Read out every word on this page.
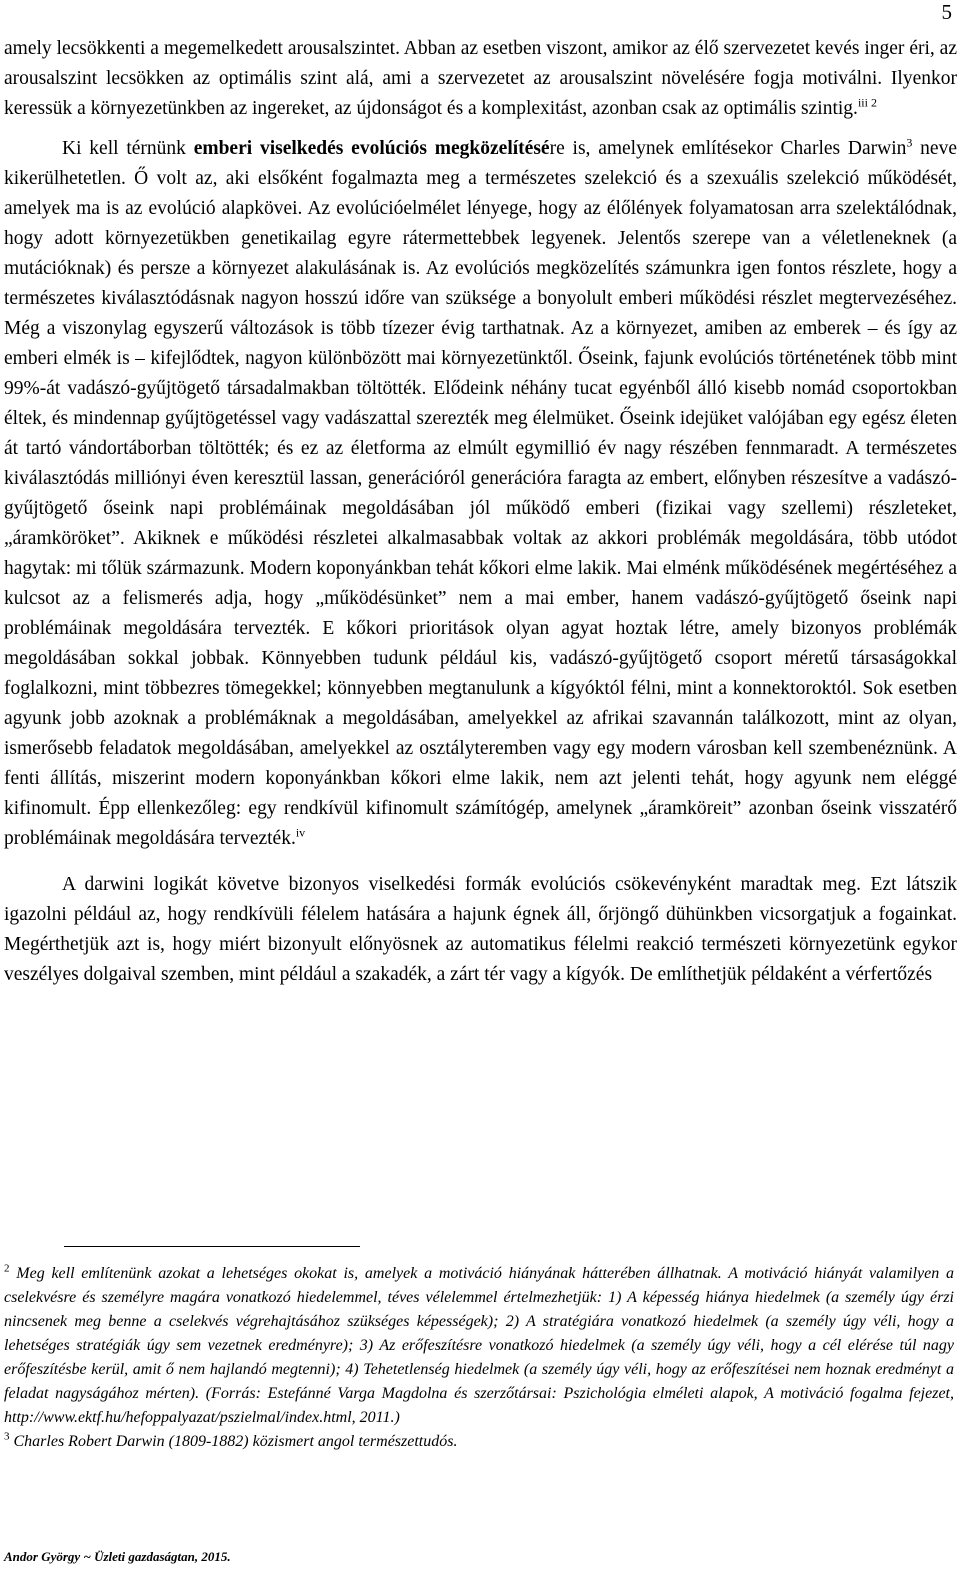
5

amely lecsökkenti a megemelkedett arousalszintet. Abban az esetben viszont, amikor az élő szervezetet kevés inger éri, az arousalszint lecsökken az optimális szint alá, ami a szervezetet az arousalszint növelésére fogja motiválni. Ilyenkor keressük a környezetünkben az ingereket, az újdonságot és a komplexitást, azonban csak az optimális szintig.$^{iii 2}$

Ki kell térnünk emberi viselkedés evolúciós megközelítésére is, amelynek említésekor Charles Darwin$^3$ neve kikerülhetetlen. Ő volt az, aki elsőként fogalmazta meg a természetes szelekció és a szexuális szelekció működését, amelyek ma is az evolúció alapkövei. Az evolúcióelmélet lényege, hogy az élőlények folyamatosan arra szelektálódnak, hogy adott környezetükben genetikailag egyre rátermettebbek legyenek. Jelentős szerepe van a véletleneknek (a mutációknak) és persze a környezet alakulásának is. Az evolúciós megközelítés számunkra igen fontos részlete, hogy a természetes kiválasztódásnak nagyon hosszú időre van szüksége a bonyolult emberi működési részlet megtervezéséhez. Még a viszonylag egyszerű változások is több tízezer évig tarthatnak. Az a környezet, amiben az emberek – és így az emberi elmék is – kifejlődtek, nagyon különbözött mai környezetünktől. Őseink, fajunk evolúciós történetének több mint 99%-át vadászó-gyűjtögető társadalmakban töltötték. Elődeink néhány tucat egyénből álló kisebb nomád csoportokban éltek, és mindennap gyűjtögetéssel vagy vadászattal szerezték meg élelmüket. Őseink idejüket valójában egy egész életen át tartó vándortáborban töltötték; és ez az életforma az elmúlt egymillió év nagy részében fennmaradt. A természetes kiválasztódás milliónyi éven keresztül lassan, generációról generációra faragta az embert, előnyben részesítve a vadászó-gyűjtögető őseink napi problémáinak megoldásában jól működő emberi (fizikai vagy szellemi) részleteket, „áramköröket”. Akiknek e működési részletei alkalmasabbak voltak az akkori problémák megoldására, több utódot hagytak: mi tőlük származunk. Modern koponyánkban tehát kőkori elme lakik. Mai elménk működésének megértéséhez a kulcsot az a felismerés adja, hogy „működésünket” nem a mai ember, hanem vadászó-gyűjtögető őseink napi problémáinak megoldására tervezték. E kőkori prioritások olyan agyat hoztak létre, amely bizonyos problémák megoldásában sokkal jobbak. Könnyebben tudunk például kis, vadászó-gyűjtögető csoport méretű társaságokkal foglalkozni, mint többezres tömegekkel; könnyebben megtanulunk a kígyóktól félni, mint a konnektoroktól. Sok esetben agyunk jobb azoknak a problémáknak a megoldásában, amelyekkel az afrikai szavannán találkozott, mint az olyan, ismerősebb feladatok megoldásában, amelyekkel az osztályteremben vagy egy modern városban kell szembenéznünk. A fenti állítás, miszerint modern koponyánkban kőkori elme lakik, nem azt jelenti tehát, hogy agyunk nem eléggé kifinomult. Épp ellenkezőleg: egy rendkívül kifinomult számítógép, amelynek „áramköreit” azonban őseink visszatérő problémáinak megoldására tervezték.$^{iv}$

A darwini logikát követve bizonyos viselkedési formák evolúciós csökevényként maradtak meg. Ezt látszik igazolni például az, hogy rendkívüli félelem hatására a hajunk égnek áll, őrjöngő dühünkben vicsorgatjuk a fogainkat. Megérthetjük azt is, hogy miért bizonyult előnyösnek az automatikus félelmi reakció természeti környezetünk egykor veszélyes dolgaival szemben, mint például a szakadék, a zárt tér vagy a kígyók. De említhetjük példaként a vérfertőzés

$^2$ Meg kell említenünk azokat a lehetséges okokat is, amelyek a motiváció hiányának hátterében állhatnak. A motiváció hiányát valamilyen a cselekvésre és személyre magára vonatkozó hiedelemmel, téves vélelemmel értelmezhetjük: 1) A képesség hiánya hiedelmek (a személy úgy érzi nincsenek meg benne a cselekvés végrehajtásához szükséges képességek); 2) A stratégiára vonatkozó hiedelmek (a személy úgy véli, hogy a lehetséges stratégiák úgy sem vezetnek eredményre); 3) Az erőfeszítésre vonatkozó hiedelmek (a személy úgy véli, hogy a cél elérése túl nagy erőfeszítésbe kerül, amit ő nem hajlandó megtenni); 4) Tehetetlenség hiedelmek (a személy úgy véli, hogy az erőfeszítései nem hoznak eredményt a feladat nagyságához mérten). (Forrás: Estefánné Varga Magdolna és szerzőtársai: Pszichológia elméleti alapok, A motiváció fogalma fejezet, http://www.ektf.hu/hefoppalyazat/pszielmal/index.html, 2011.)

$^3$ Charles Robert Darwin (1809-1882) közismert angol természettudós.

Andor György ~ Üzleti gazdaságtan, 2015.
